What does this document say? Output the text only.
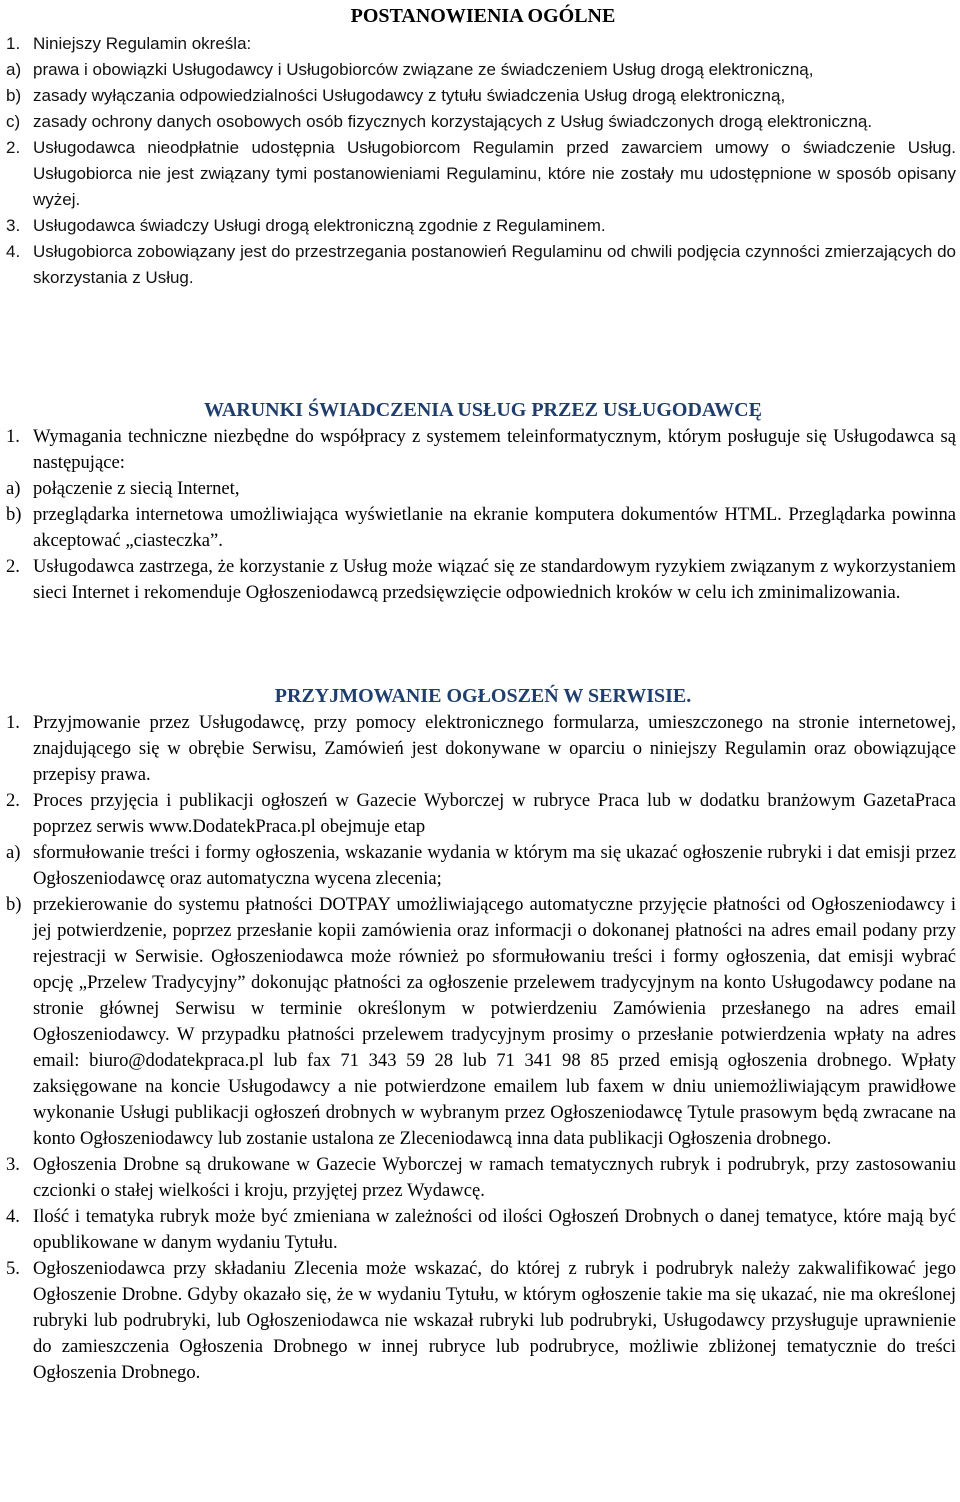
POSTANOWIENIA OGÓLNE

1. Niniejszy Regulamin określa:

a) prawa i obowiązki Usługodawcy i Usługobiorców związane ze świadczeniem Usług drogą elektroniczną,

b) zasady wyłączania odpowiedzialności Usługodawcy z tytułu świadczenia Usług drogą elektroniczną,

c) zasady ochrony danych osobowych osób fizycznych korzystających z Usług świadczonych drogą elektroniczną.

2. Usługodawca nieodpłatnie udostępnia Usługobiorcom Regulamin przed zawarciem umowy o świadczenie Usług. Usługobiorca nie jest związany tymi postanowieniami Regulaminu, które nie zostały mu udostępnione w sposób opisany wyżej.

3. Usługodawca świadczy Usługi drogą elektroniczną zgodnie z Regulaminem.

4. Usługobiorca zobowiązany jest do przestrzegania postanowień Regulaminu od chwili podjęcia czynności zmierzających do skorzystania z Usług.

WARUNKI ŚWIADCZENIA USŁUG PRZEZ USŁUGODAWCĘ

1. Wymagania techniczne niezbędne do współpracy z systemem teleinformatycznym, którym posługuje się Usługodawca są następujące:

a) połączenie z siecią Internet,

b) przeglądarka internetowa umożliwiająca wyświetlanie na ekranie komputera dokumentów HTML. Przeglądarka powinna akceptować „ciasteczka”.

2. Usługodawca zastrzega, że korzystanie z Usług może wiązać się ze standardowym ryzykiem związanym z wykorzystaniem sieci Internet i rekomenduje Ogłoszeniodawcą przedsięwzięcie odpowiednich kroków w celu ich zminimalizowania.

PRZYJMOWANIE OGŁOSZEŃ W SERWISIE.

1. Przyjmowanie przez Usługodawcę, przy pomocy elektronicznego formularza, umieszczonego na stronie internetowej, znajdującego się w obrębie Serwisu, Zamówień jest dokonywane w oparciu o niniejszy Regulamin oraz obowiązujące przepisy prawa.

2. Proces przyjęcia i publikacji ogłoszeń w Gazecie Wyborczej w rubryce Praca lub w dodatku branżowym GazetaPraca poprzez serwis www.DodatekPraca.pl obejmuje etap

a) sformułowanie treści i formy ogłoszenia, wskazanie wydania w którym ma się ukazać ogłoszenie rubryki i dat emisji przez Ogłoszeniodawcę oraz automatyczna wycena zlecenia;

b) przekierowanie do systemu płatności DOTPAY umożliwiającego automatyczne przyjęcie płatności od Ogłoszeniodawcy i jej potwierdzenie, poprzez przesłanie kopii zamówienia oraz informacji o dokonanej płatności na adres email podany przy rejestracji w Serwisie. Ogłoszeniodawca może również po sformułowaniu treści i formy ogłoszenia, dat emisji wybrać opcję „Przelew Tradycyjny” dokonując płatności za ogłoszenie przelewem tradycyjnym na konto Usługodawcy podane na stronie głównej Serwisu w terminie określonym w potwierdzeniu Zamówienia przesłanego na adres email Ogłoszeniodawcy. W przypadku płatności przelewem tradycyjnym prosimy o przesłanie potwierdzenia wpłaty na adres email: biuro@dodatekpraca.pl lub fax 71 343 59 28 lub 71 341 98 85 przed emisją ogłoszenia drobnego. Wpłaty zaksięgowane na koncie Usługodawcy a nie potwierdzone emailem lub faxem w dniu uniemożliwiającym prawidłowe wykonanie Usługi publikacji ogłoszeń drobnych w wybranym przez Ogłoszeniodawcę Tytule prasowym będą zwracane na konto Ogłoszeniodawcy lub zostanie ustalona ze Zleceniodawcą inna data publikacji Ogłoszenia drobnego.

3. Ogłoszenia Drobne są drukowane w Gazecie Wyborczej w ramach tematycznych rubryk i podrubryk, przy zastosowaniu czcionki o stałej wielkości i kroju, przyjętej przez Wydawcę.

4. Ilość i tematyka rubryk może być zmieniana w zależności od ilości Ogłoszeń Drobnych o danej tematyce, które mają być opublikowane w danym wydaniu Tytułu.

5. Ogłoszeniodawca przy składaniu Zlecenia może wskazać, do której z rubryk i podrubryk należy zakwalifikować jego Ogłoszenie Drobne. Gdyby okazało się, że w wydaniu Tytułu, w którym ogłoszenie takie ma się ukazać, nie ma określonej rubryki lub podrubryki, lub Ogłoszeniodawca nie wskazał rubryki lub podrubryki, Usługodawcy przysługuje uprawnienie do zamieszczenia Ogłoszenia Drobnego w innej rubryce lub podrubryce, możliwie zbliżonej tematycznie do treści Ogłoszenia Drobnego.
